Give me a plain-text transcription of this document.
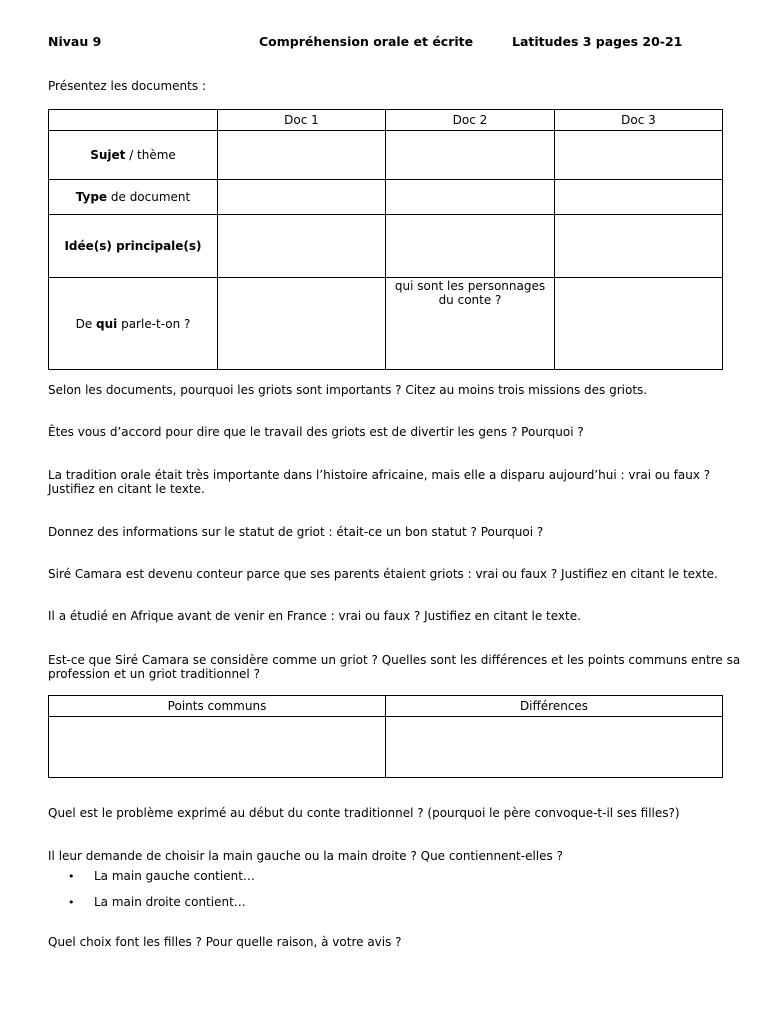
Nivau 9	Compréhension orale et écrite	Latitudes 3 pages 20-21
Présentez les documents :
	Doc 1	Doc 2	Doc 3
Sujet / thème			
Type de document			
Idée(s) principale(s)			
De qui parle-t-on ?		qui sont les personnages
du conte ?	

Selon les documents, pourquoi les griots sont importants ? Citez au moins trois missions des griots.
Êtes vous d’accord pour dire que le travail des griots est de divertir les gens ? Pourquoi ?
La tradition orale était très importante dans l’histoire africaine, mais elle a disparu aujourd’hui : vrai ou faux ?
Justifiez en citant le texte.
Donnez des informations sur le statut de griot : était-ce un bon statut ? Pourquoi ?
Siré Camara est devenu conteur parce que ses parents étaient griots : vrai ou faux ? Justifiez en citant le texte.
Il a étudié en Afrique avant de venir en France : vrai ou faux ? Justifiez en citant le texte.
Est-ce que Siré Camara se considère comme un griot ? Quelles sont les différences et les points communs entre sa
profession et un griot traditionnel ?
Points communs	Différences

Quel est le problème exprimé au début du conte traditionnel ? (pourquoi le père convoque-t-il ses filles?)
Il leur demande de choisir la main gauche ou la main droite ? Que contiennent-elles ?
• La main gauche contient…
• La main droite contient…
Quel choix font les filles ? Pour quelle raison, à votre avis ?
